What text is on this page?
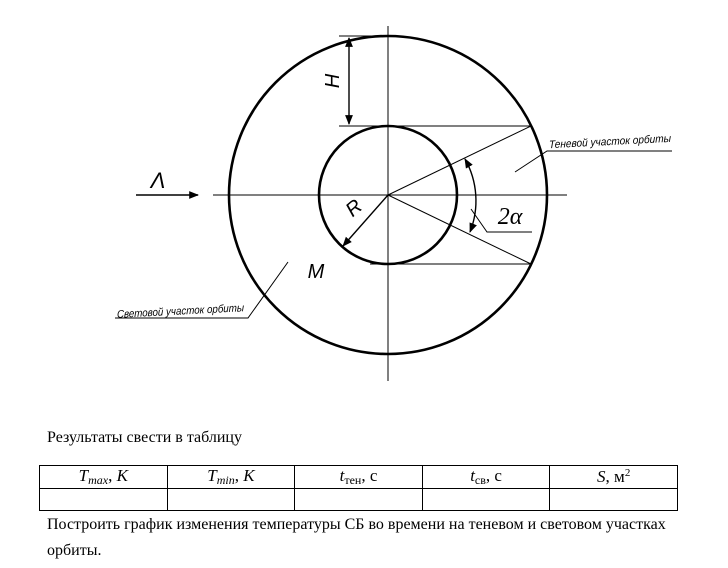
H
R
Λ
M
2α
Теневой участок орбиты
Световой участок орбиты
Результаты свести в таблицу
Tmax, K	Tmin, K	tтен, с	tсв, с	S, $м^2$

Построить график изменения температуры СБ во времени на теневом и световом участках орбиты.
